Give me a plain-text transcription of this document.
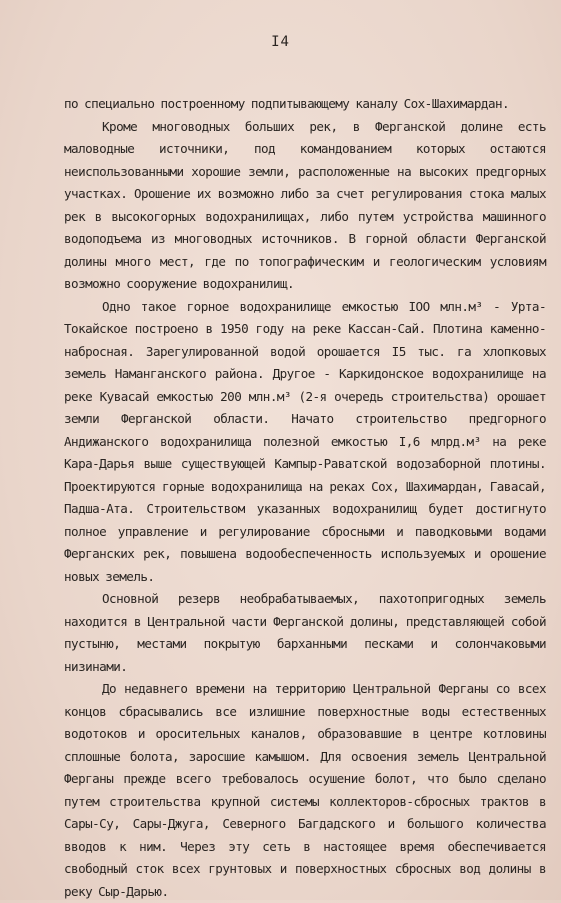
I4

по специально построенному подпитывающему каналу Сох-Шахимардан.

Кроме многоводных больших рек, в Ферганской долине есть маловодные источники, под командованием которых остаются неиспользованными хорошие земли, расположенные на высоких предгорных участках. Орошение их возможно либо за счет регулирования стока малых рек в высокогорных водохранилищах, либо путем устройства машинного водоподъема из многоводных источников. В горной области Ферганской долины много мест, где по топографическим и геологическим условиям возможно сооружение водохранилищ.

Одно такое горное водохранилище емкостью IOO млн.м³ - Урта-Токайское построено в 1950 году на реке Кассан-Сай. Плотина каменно-набросная. Зарегулированной водой орошается I5 тыс. га хлопковых земель Наманганского района. Другое - Каркидонское водохранилище на реке Кувасай емкостью 200 млн.м³ (2-я очередь строительства) орошает земли Ферганской области. Начато строительство предгорного Андижанского водохранилища полезной емкостью I,6 млрд.м³ на реке Кара-Дарья выше существующей Кампыр-Раватской водозаборной плотины. Проектируются горные водохранилища на реках Сох, Шахимардан, Гавасай, Падша-Ата. Строительством указанных водохранилищ будет достигнуто полное управление и регулирование сбросными и паводковыми водами Ферганских рек, повышена водообеспеченность используемых и орошение новых земель.

Основной резерв необрабатываемых, пахотопригодных земель находится в Центральной части Ферганской долины, представляющей собой пустыню, местами покрытую барханными песками и солончаковыми низинами.

До недавнего времени на территорию Центральной Ферганы со всех концов сбрасывались все излишние поверхностные воды естественных водотоков и оросительных каналов, образовавшие в центре котловины сплошные болота, заросшие камышом. Для освоения земель Центральной Ферганы прежде всего требовалось осушение болот, что было сделано путем строительства крупной системы коллекторов-сбросных трактов в Сары-Су, Сары-Джуга, Северного Багдадского и большого количества вводов к ним. Через эту сеть в настоящее время обеспечивается свободный сток всех грунтовых и поверхностных сбросных вод долины в реку Сыр-Дарью.
